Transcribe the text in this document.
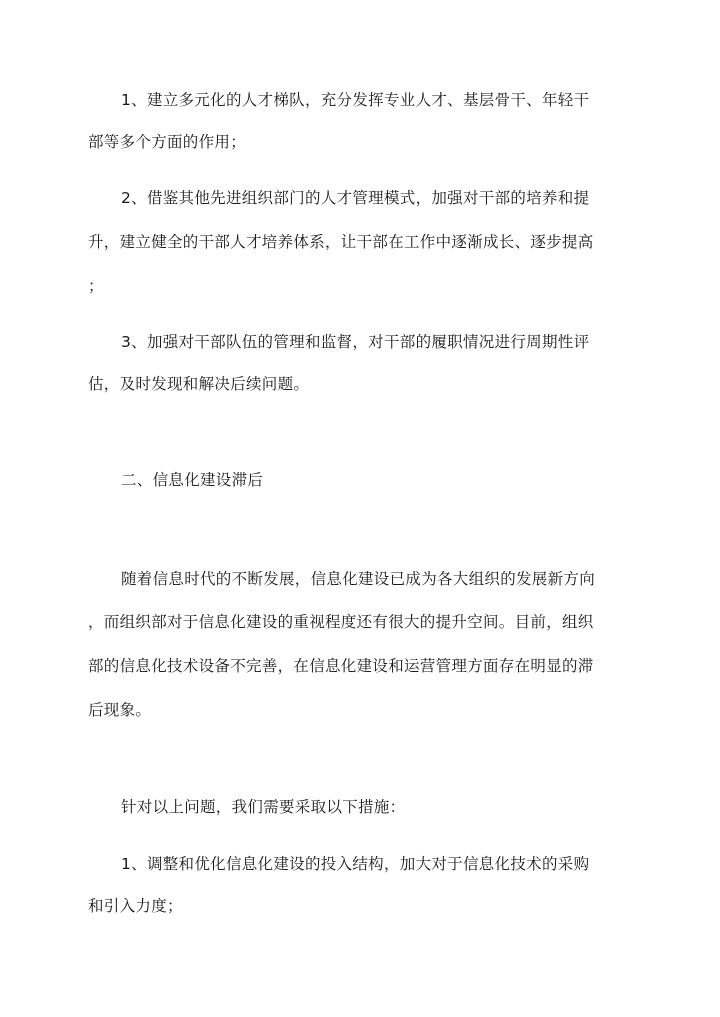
1、建立多元化的人才梯队，充分发挥专业人才、基层骨干、年轻干
部等多个方面的作用；
2、借鉴其他先进组织部门的人才管理模式，加强对干部的培养和提
升，建立健全的干部人才培养体系，让干部在工作中逐渐成长、逐步提高
；
3、加强对干部队伍的管理和监督，对干部的履职情况进行周期性评
估，及时发现和解决后续问题。
二、信息化建设滞后
随着信息时代的不断发展，信息化建设已成为各大组织的发展新方向
，而组织部对于信息化建设的重视程度还有很大的提升空间。目前，组织
部的信息化技术设备不完善，在信息化建设和运营管理方面存在明显的滞
后现象。
针对以上问题，我们需要采取以下措施：
1、调整和优化信息化建设的投入结构，加大对于信息化技术的采购
和引入力度；
